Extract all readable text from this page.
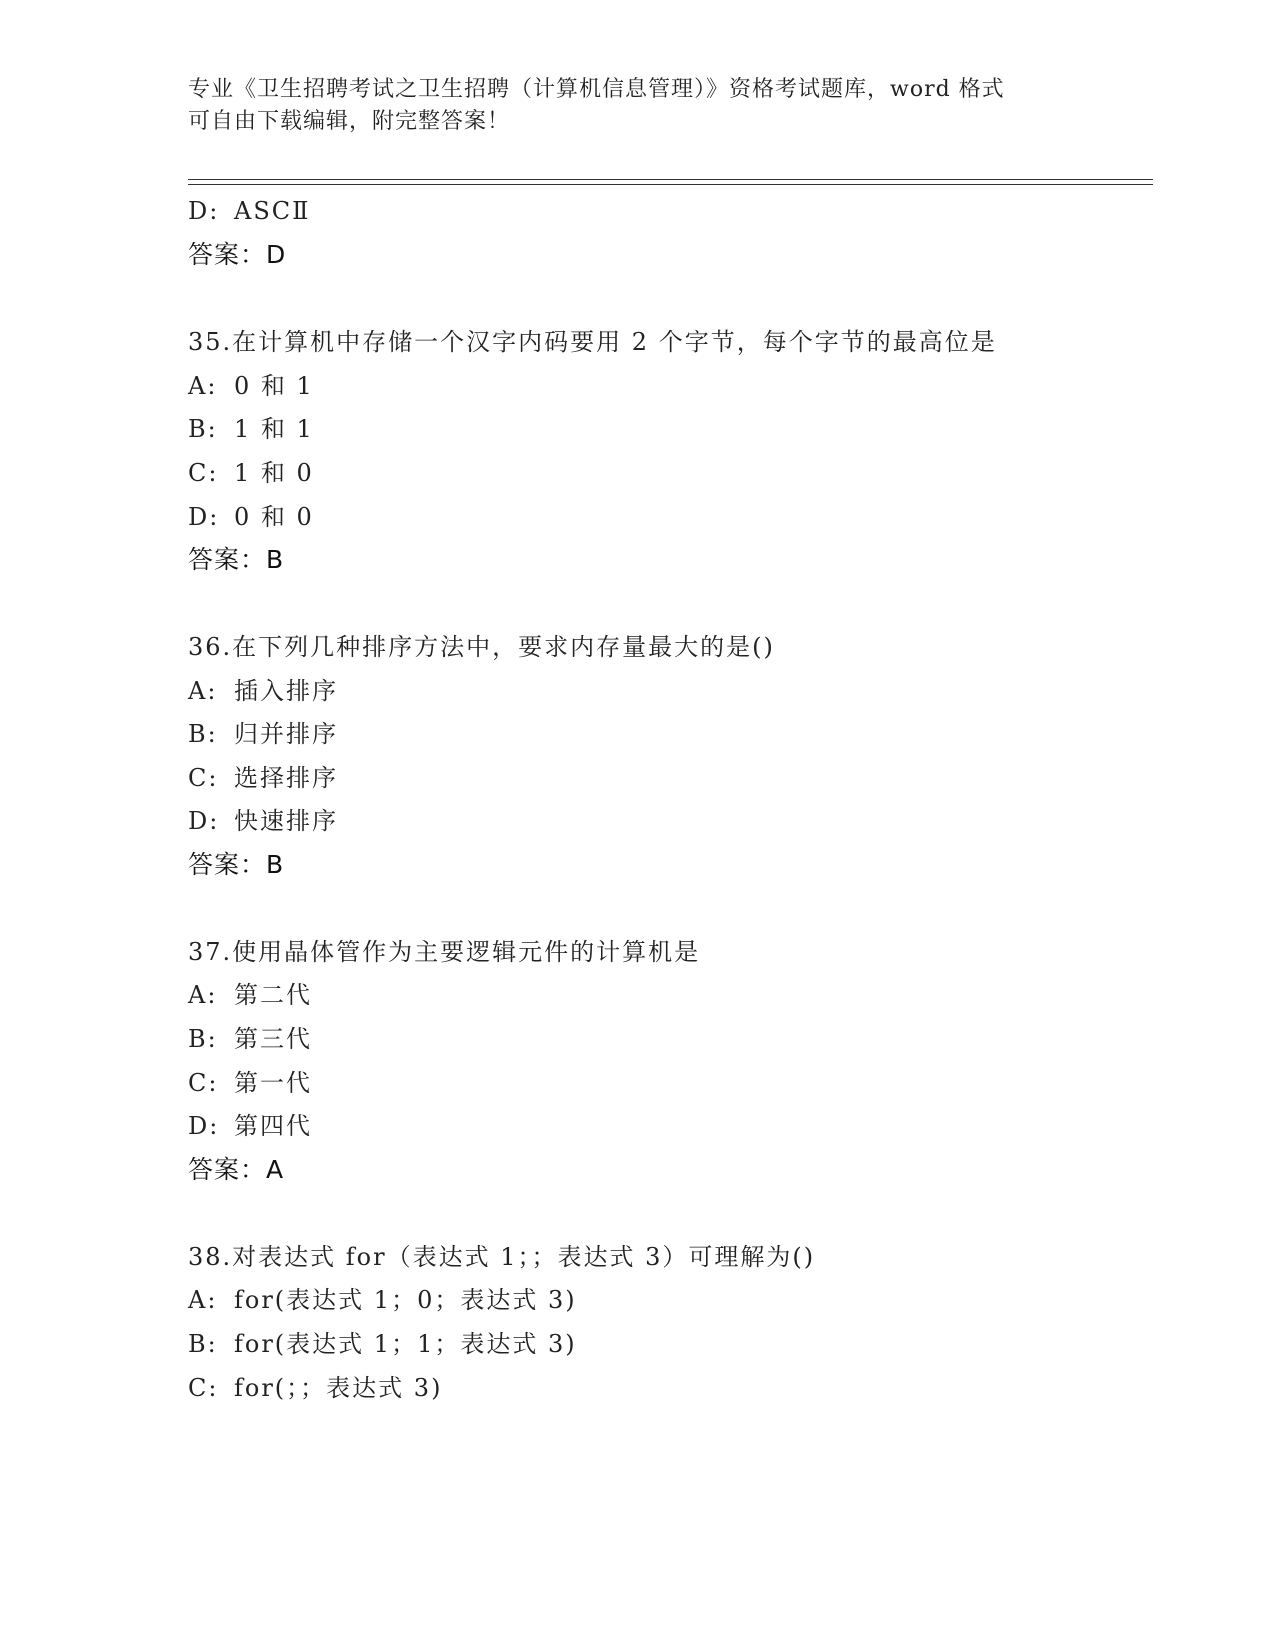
专业《卫生招聘考试之卫生招聘（计算机信息管理）》资格考试题库，word 格式
可自由下载编辑，附完整答案！
D: ASCⅡ
答案：D
35.在计算机中存储一个汉字内码要用 2 个字节，每个字节的最高位是
A: 0 和 1
B: 1 和 1
C: 1 和 0
D: 0 和 0
答案：B
36.在下列几种排序方法中，要求内存量最大的是()
A: 插入排序
B: 归并排序
C: 选择排序
D: 快速排序
答案：B
37.使用晶体管作为主要逻辑元件的计算机是
A: 第二代
B: 第三代
C: 第一代
D: 第四代
答案：A
38.对表达式 for（表达式 1；；表达式 3）可理解为()
A: for(表达式 1；0；表达式 3)
B: for(表达式 1；1；表达式 3)
C: for(；；表达式 3)
